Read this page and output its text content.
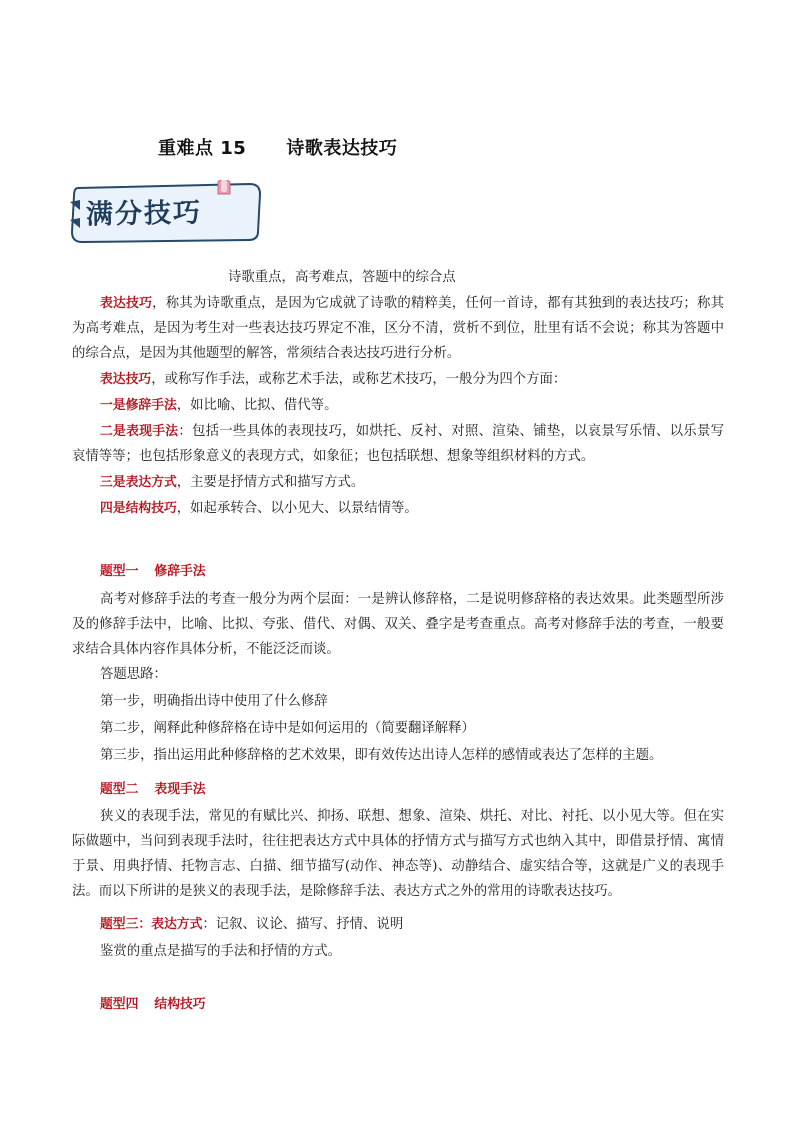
重难点 15 诗歌表达技巧
满分技巧
诗歌重点，高考难点，答题中的综合点

表达技巧，称其为诗歌重点，是因为它成就了诗歌的精粹美，任何一首诗，都有其独到的表达技巧；称其为高考难点，是因为考生对一些表达技巧界定不准，区分不清，赏析不到位，肚里有话不会说；称其为答题中的综合点，是因为其他题型的解答，常须结合表达技巧进行分析。

表达技巧，或称写作手法，或称艺术手法，或称艺术技巧，一般分为四个方面：

一是修辞手法，如比喻、比拟、借代等。

二是表现手法：包括一些具体的表现技巧，如烘托、反衬、对照、渲染、铺垫，以哀景写乐情、以乐景写哀情等等；也包括形象意义的表现方式，如象征；也包括联想、想象等组织材料的方式。

三是表达方式，主要是抒情方式和描写方式。

四是结构技巧，如起承转合、以小见大、以景结情等。

题型一 修辞手法

高考对修辞手法的考查一般分为两个层面：一是辨认修辞格，二是说明修辞格的表达效果。此类题型所涉及的修辞手法中，比喻、比拟、夸张、借代、对偶、双关、叠字是考查重点。高考对修辞手法的考查，一般要求结合具体内容作具体分析，不能泛泛而谈。

答题思路：

第一步，明确指出诗中使用了什么修辞

第二步，阐释此种修辞格在诗中是如何运用的（简要翻译解释）

第三步，指出运用此种修辞格的艺术效果，即有效传达出诗人怎样的感情或表达了怎样的主题。

题型二 表现手法

狭义的表现手法，常见的有赋比兴、抑扬、联想、想象、渲染、烘托、对比、衬托、以小见大等。但在实际做题中，当问到表现手法时，往往把表达方式中具体的抒情方式与描写方式也纳入其中，即借景抒情、寓情于景、用典抒情、托物言志、白描、细节描写(动作、神态等)、动静结合、虚实结合等，这就是广义的表现手法。而以下所讲的是狭义的表现手法，是除修辞手法、表达方式之外的常用的诗歌表达技巧。

题型三：表达方式：记叙、议论、描写、抒情、说明

鉴赏的重点是描写的手法和抒情的方式。

题型四 结构技巧
